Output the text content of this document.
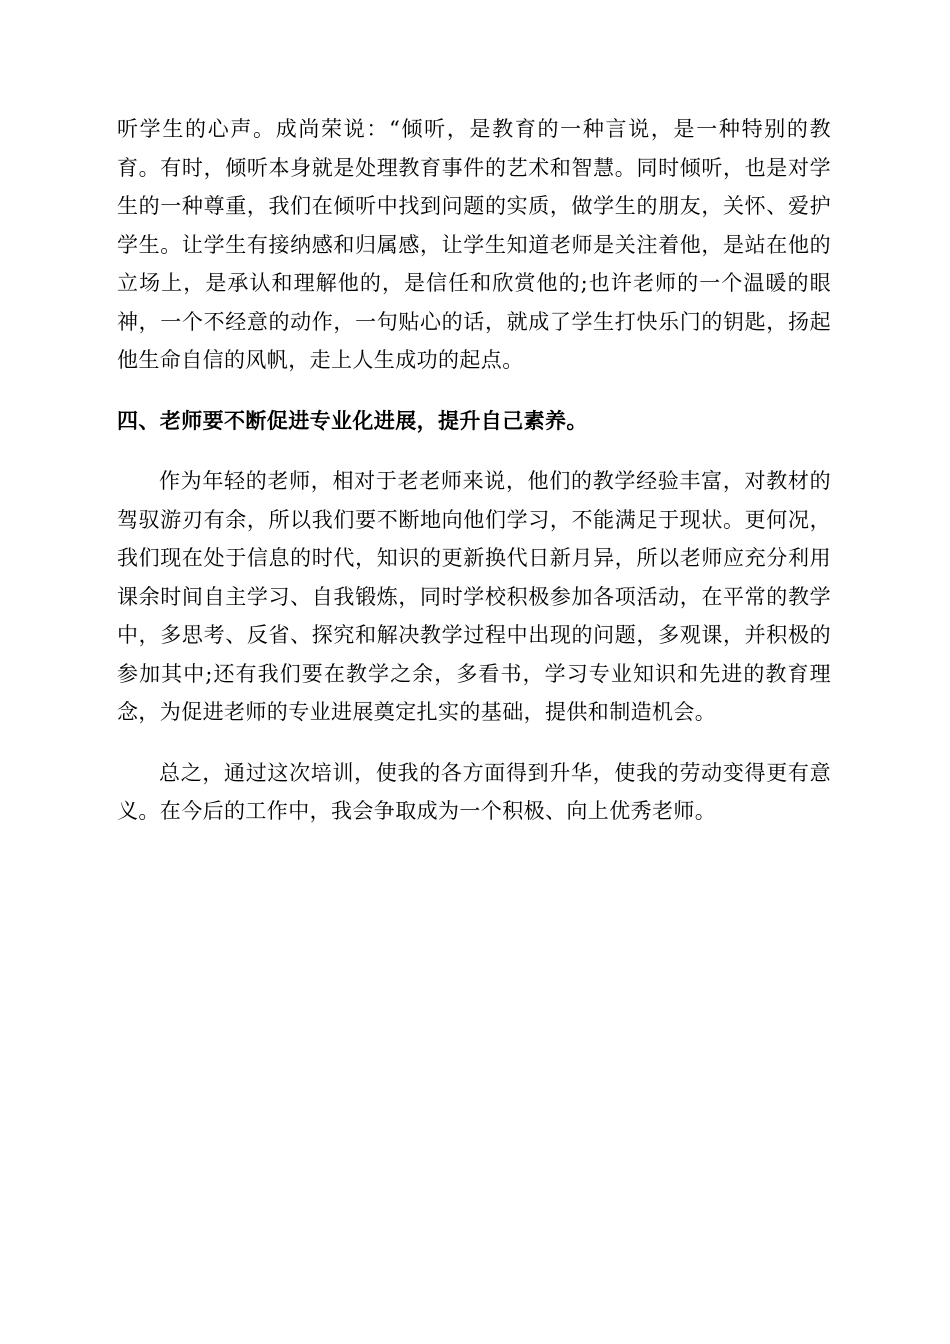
听学生的心声。成尚荣说：“倾听，是教育的一种言说，是一种特别的教育。有时，倾听本身就是处理教育事件的艺术和智慧。同时倾听，也是对学生的一种尊重，我们在倾听中找到问题的实质，做学生的朋友，关怀、爱护学生。让学生有接纳感和归属感，让学生知道老师是关注着他，是站在他的立场上，是承认和理解他的，是信任和欣赏他的;也许老师的一个温暖的眼神，一个不经意的动作，一句贴心的话，就成了学生打快乐门的钥匙，扬起他生命自信的风帆，走上人生成功的起点。

四、老师要不断促进专业化进展，提升自己素养。

作为年轻的老师，相对于老老师来说，他们的教学经验丰富，对教材的驾驭游刃有余，所以我们要不断地向他们学习，不能满足于现状。更何况，我们现在处于信息的时代，知识的更新换代日新月异，所以老师应充分利用课余时间自主学习、自我锻炼，同时学校积极参加各项活动，在平常的教学中，多思考、反省、探究和解决教学过程中出现的问题，多观课，并积极的参加其中;还有我们要在教学之余，多看书，学习专业知识和先进的教育理念，为促进老师的专业进展奠定扎实的基础，提供和制造机会。

总之，通过这次培训，使我的各方面得到升华，使我的劳动变得更有意义。在今后的工作中，我会争取成为一个积极、向上优秀老师。
